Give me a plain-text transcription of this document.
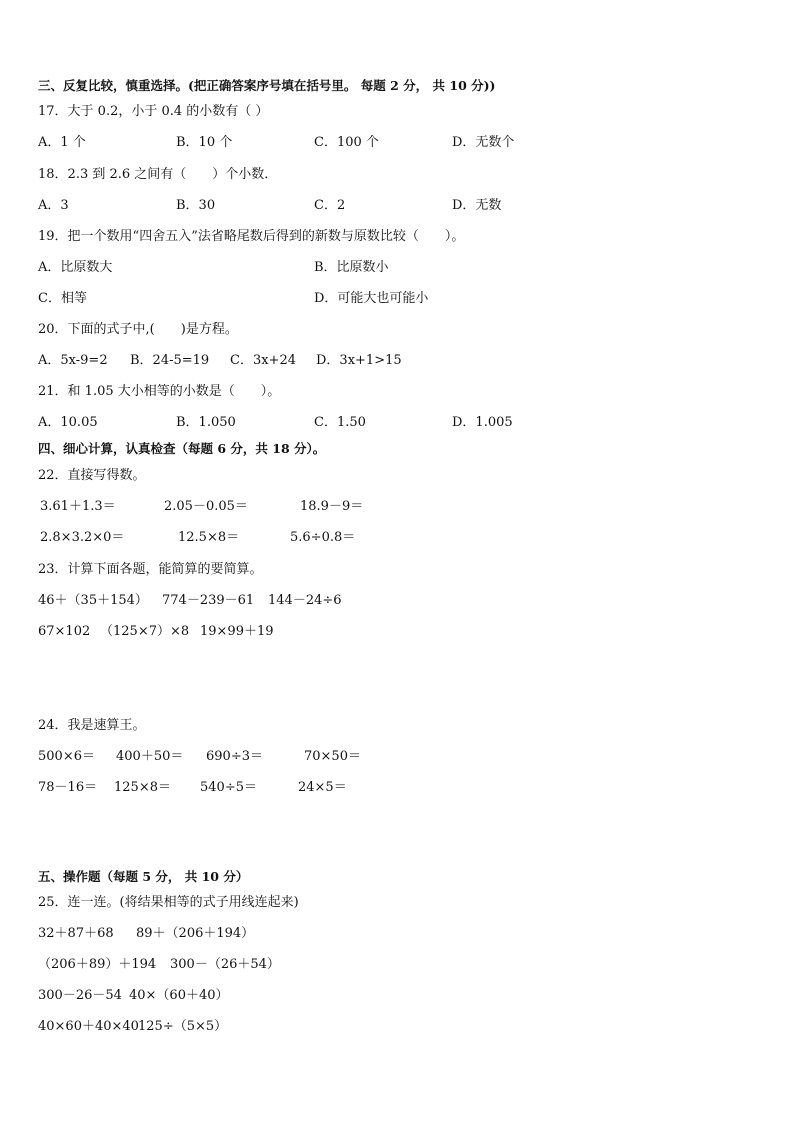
三、反复比较，慎重选择。(把正确答案序号填在括号里。 每题 2 分， 共 10 分))
17．大于 0.2，小于 0.4 的小数有（ ）
A．1 个	B．10 个	C．100 个	D．无数个
18．2.3 到 2.6 之间有（　　）个小数．
A．3	B．30	C．2	D．无数
19．把一个数用“四舍五入”法省略尾数后得到的新数与原数比较（　　）。
A．比原数大	B．比原数小
C．相等	D．可能大也可能小
20．下面的式子中,(　　)是方程。
A．5x-9=2 B．24-5=19 C．3x+24 D．3x+1>15
21．和 1.05 大小相等的小数是（　　）。
A．10.05	B．1.050	C．1.50	D．1.005
四、细心计算，认真检查（每题 6 分，共 18 分）。
22．直接写得数。
3.61＋1.3＝	2.05－0.05＝	18.9－9＝
2.8×3.2×0＝	12.5×8＝	5.6÷0.8＝
23．计算下面各题，能简算的要简算。
46＋（35＋154） 774－239－61 144－24÷6
67×102 （125×7）×8 19×99＋19
24．我是速算王。
500×6＝ 400＋50＝ 690÷3＝	70×50＝
78－16＝ 125×8＝ 540÷5＝	24×5＝
五、操作题（每题 5 分， 共 10 分）
25．连一连。(将结果相等的式子用线连起来)
32＋87＋68 89＋（206＋194）
（206＋89）＋194 300－（26＋54）
300－26－54 40×（60＋40）
40×60＋40×40 125÷（5×5）
